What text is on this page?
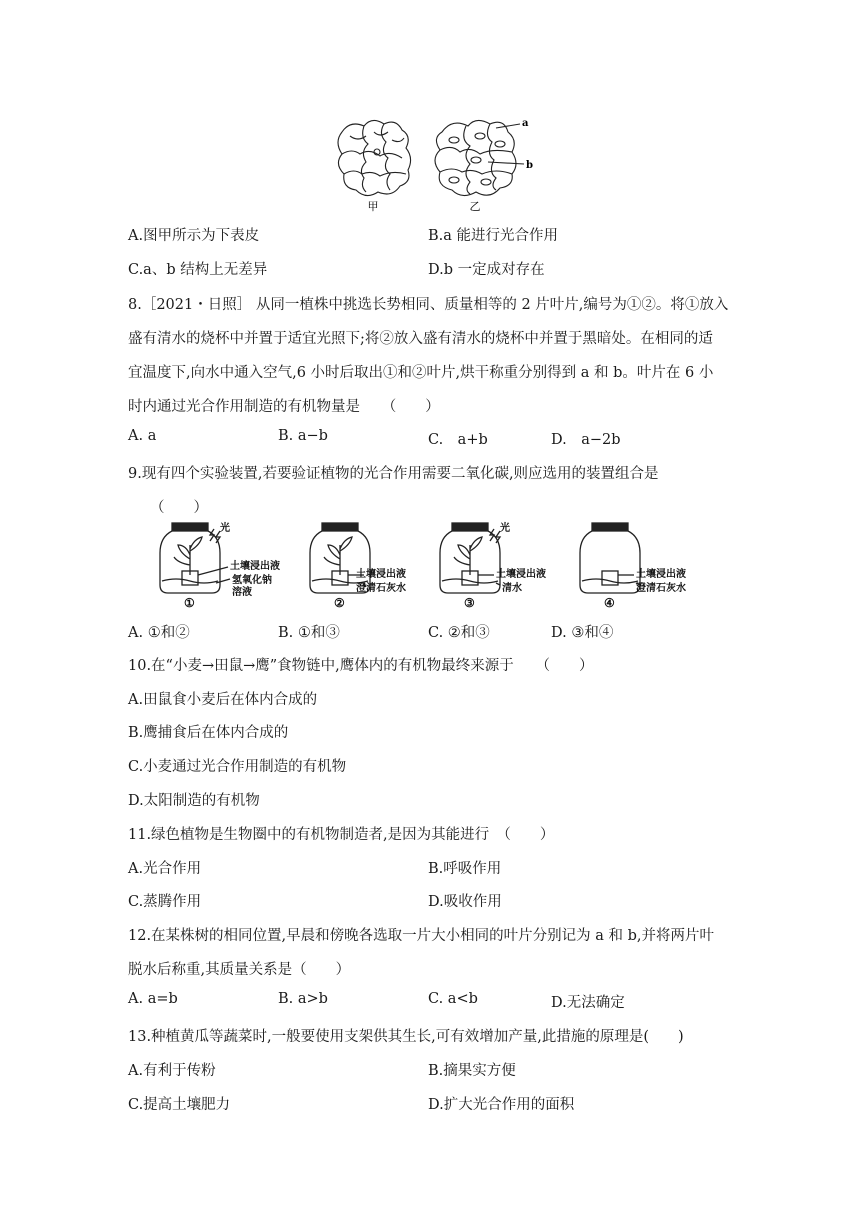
甲	乙
a
b
A.图甲所示为下表皮	B.a 能进行光合作用
C.a、b 结构上无差异	D.b 一定成对存在
8.［2021・日照］ 从同一植株中挑选长势相同、质量相等的 2 片叶片,编号为①②。将①放入
盛有清水的烧杯中并置于适宜光照下;将②放入盛有清水的烧杯中并置于黑暗处。在相同的适
宜温度下,向水中通入空气,6 小时后取出①和②叶片,烘干称重分别得到 a 和 b。叶片在 6 小
时内通过光合作用制造的有机物量是　　（　　）
A. a	B. a−b	C.　a+b	D.　a−2b
9.现有四个实验装置,若要验证植物的光合作用需要二氧化碳,则应选用的装置组合是
（　　）
光
土壤浸出液
氢氧化钠
溶液
①
土壤浸出液
澄清石灰水
②
光
土壤浸出液
清水
③
土壤浸出液
澄清石灰水
④
A. ①和②	B. ①和③	C. ②和③	D. ③和④
10.在“小麦→田鼠→鹰”食物链中,鹰体内的有机物最终来源于　　（　　）
A.田鼠食小麦后在体内合成的
B.鹰捕食后在体内合成的
C.小麦通过光合作用制造的有机物
D.太阳制造的有机物
11.绿色植物是生物圈中的有机物制造者,是因为其能进行　（　　）
A.光合作用	B.呼吸作用
C.蒸腾作用	D.吸收作用
12.在某株树的相同位置,早晨和傍晚各选取一片大小相同的叶片分别记为 a 和 b,并将两片叶
脱水后称重,其质量关系是（　　）
A. a=b	B. a>b	C. a<b	D.无法确定
13.种植黄瓜等蔬菜时,一般要使用支架供其生长,可有效增加产量,此措施的原理是(　　)
A.有利于传粉	B.摘果实方便
C.提高土壤肥力	D.扩大光合作用的面积
